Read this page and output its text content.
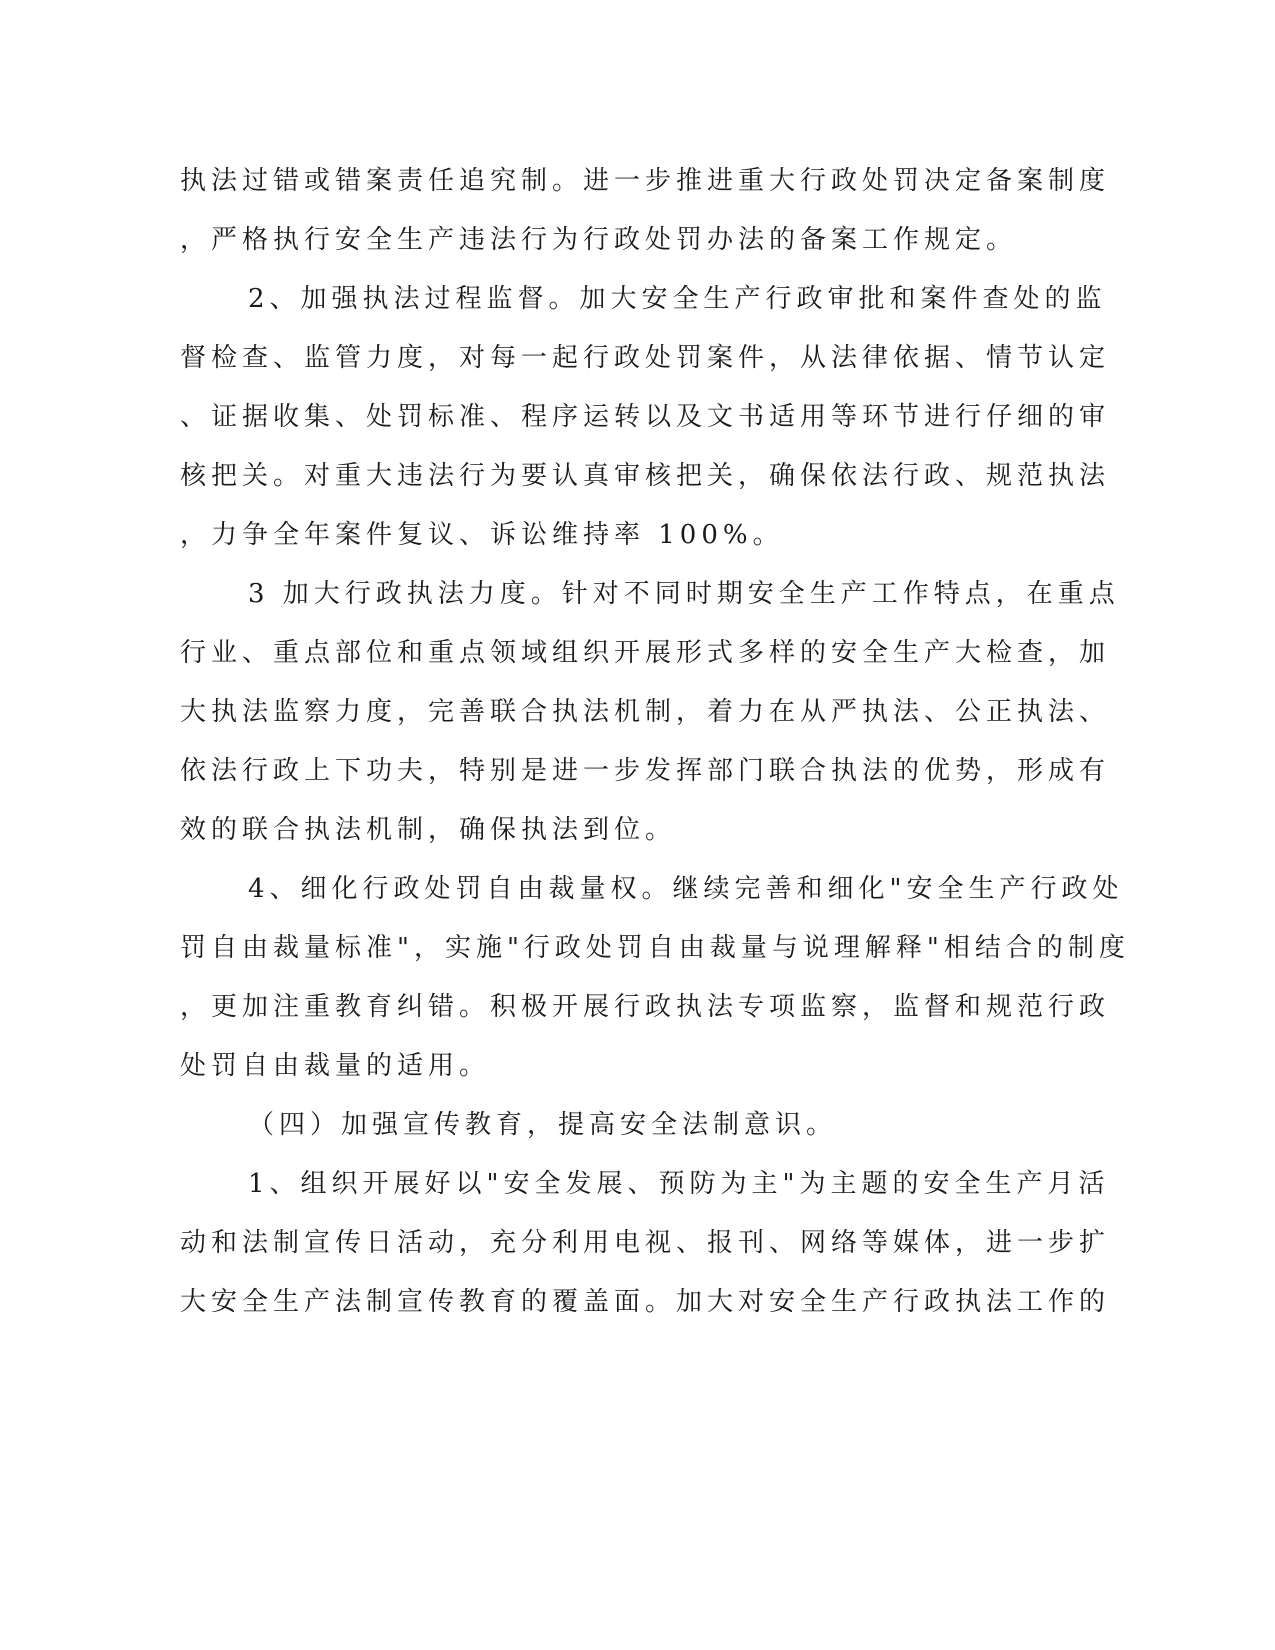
执法过错或错案责任追究制。进一步推进重大行政处罚决定备案制度

，严格执行安全生产违法行为行政处罚办法的备案工作规定。

2、加强执法过程监督。加大安全生产行政审批和案件查处的监

督检查、监管力度，对每一起行政处罚案件，从法律依据、情节认定

、证据收集、处罚标准、程序运转以及文书适用等环节进行仔细的审

核把关。对重大违法行为要认真审核把关，确保依法行政、规范执法

，力争全年案件复议、诉讼维持率 100%。

3 加大行政执法力度。针对不同时期安全生产工作特点，在重点

行业、重点部位和重点领域组织开展形式多样的安全生产大检查，加

大执法监察力度，完善联合执法机制，着力在从严执法、公正执法、

依法行政上下功夫，特别是进一步发挥部门联合执法的优势，形成有

效的联合执法机制，确保执法到位。

4、细化行政处罚自由裁量权。继续完善和细化"安全生产行政处

罚自由裁量标准"，实施"行政处罚自由裁量与说理解释"相结合的制度

，更加注重教育纠错。积极开展行政执法专项监察，监督和规范行政

处罚自由裁量的适用。

（四）加强宣传教育，提高安全法制意识。

1、组织开展好以"安全发展、预防为主"为主题的安全生产月活

动和法制宣传日活动，充分利用电视、报刊、网络等媒体，进一步扩

大安全生产法制宣传教育的覆盖面。加大对安全生产行政执法工作的
